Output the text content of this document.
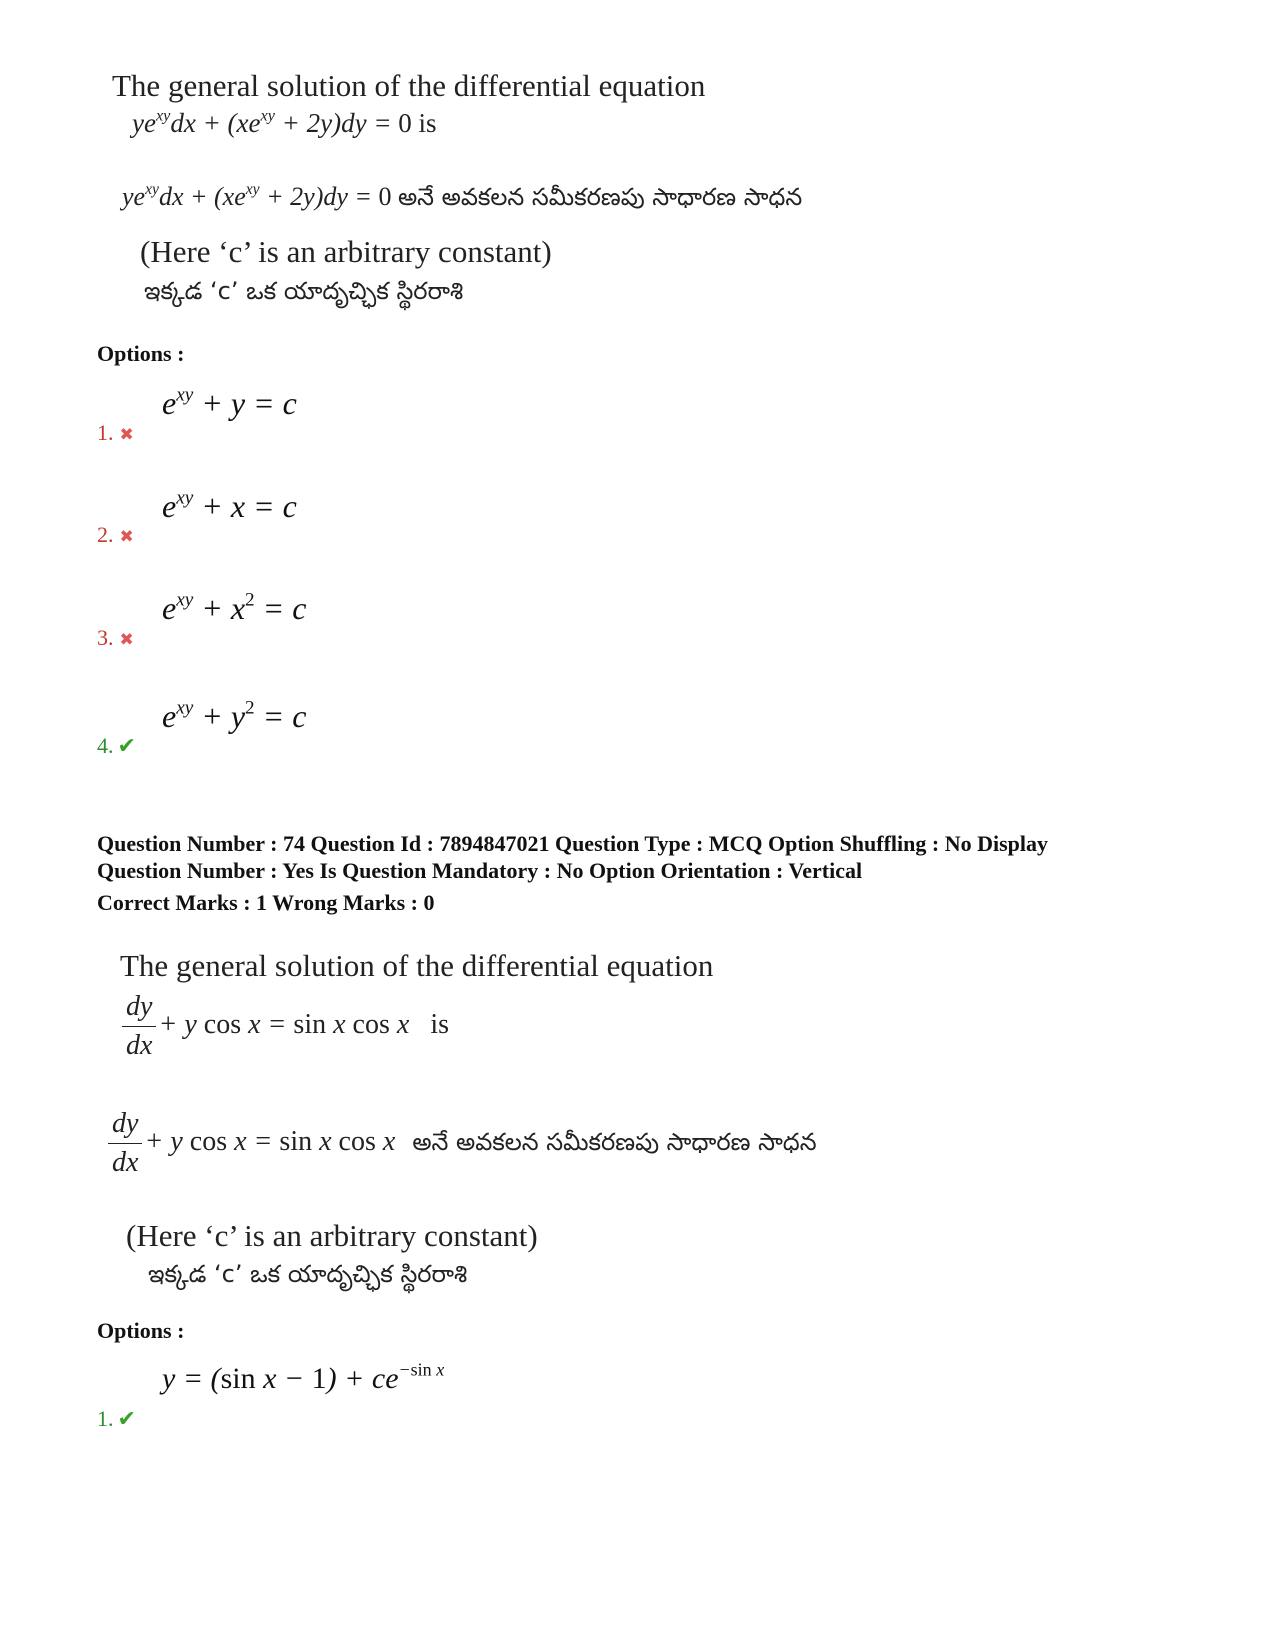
The general solution of the differential equation
$ye^{xy}dx + (xe^{xy} + 2y)dy = 0$ is
$ye^{xy}dx + (xe^{xy} + 2y)dy = 0$ అనే అవకలన సమీకరణపు సాధారణ సాధన
(Here ‘c’ is an arbitrary constant)
ఇక్కడ ‘c’ ఒక యాదృచ్ఛిక స్థిరరాశి
Options :
$e^{xy} + y = c$
1. ✖
$e^{xy} + x = c$
2. ✖
$e^{xy} + x^2 = c$
3. ✖
$e^{xy} + y^2 = c$
4. ✔
Question Number : 74 Question Id : 7894847021 Question Type : MCQ Option Shuffling : No Display
Question Number : Yes Is Question Mandatory : No Option Orientation : Vertical
Correct Marks : 1 Wrong Marks : 0
The general solution of the differential equation
$\frac{dy}{dx} + y$ cos x = sin x cos x is
$\frac{dy}{dx} + y$ cos x = sin x cos x అనే అవకలన సమీకరణపు సాధారణ సాధన
(Here ‘c’ is an arbitrary constant)
ఇక్కడ ‘c’ ఒక యాదృచ్ఛిక స్థిరరాశి
Options :
y = (sin $x - 1) + ce^{-sin x}$
1. ✔
